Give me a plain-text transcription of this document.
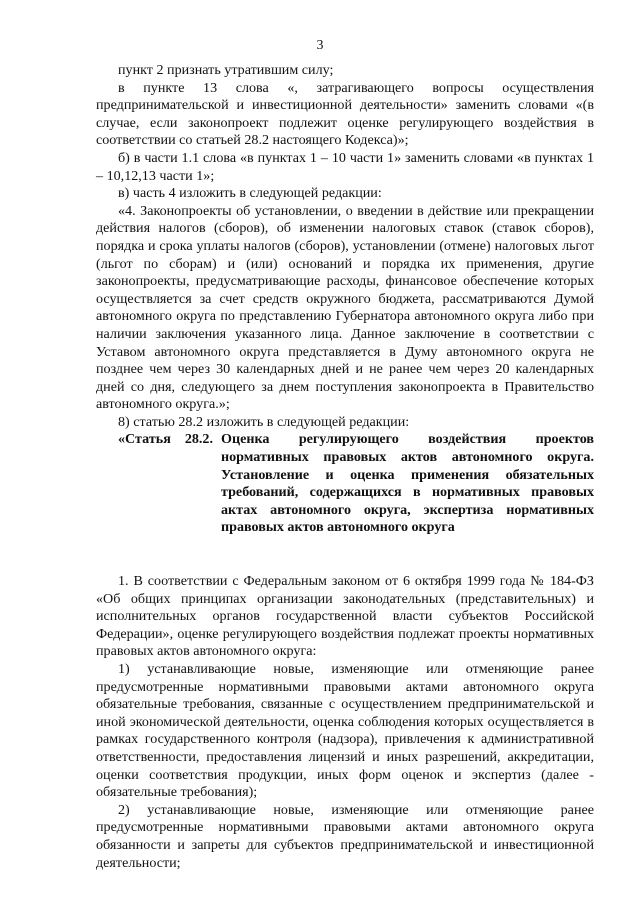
3

пункт 2 признать утратившим силу;

в пункте 13 слова «, затрагивающего вопросы осуществления предпринимательской и инвестиционной деятельности» заменить словами «(в случае, если законопроект подлежит оценке регулирующего воздействия в соответствии со статьей 28.2 настоящего Кодекса)»;

б) в части 1.1 слова «в пунктах 1 – 10 части 1» заменить словами «в пунктах 1 – 10,12,13 части 1»;

в) часть 4 изложить в следующей редакции:

«4. Законопроекты об установлении, о введении в действие или прекращении действия налогов (сборов), об изменении налоговых ставок (ставок сборов), порядка и срока уплаты налогов (сборов), установлении (отмене) налоговых льгот (льгот по сборам) и (или) оснований и порядка их применения, другие законопроекты, предусматривающие расходы, финансовое обеспечение которых осуществляется за счет средств окружного бюджета, рассматриваются Думой автономного округа по представлению Губернатора автономного округа либо при наличии заключения указанного лица. Данное заключение в соответствии с Уставом автономного округа представляется в Думу автономного округа не позднее чем через 30 календарных дней и не ранее чем через 20 календарных дней со дня, следующего за днем поступления законопроекта в Правительство автономного округа.»;

8) статью 28.2 изложить в следующей редакции:

«Статья 28.2. Оценка регулирующего воздействия проектов нормативных правовых актов автономного округа. Установление и оценка применения обязательных требований, содержащихся в нормативных правовых актах автономного округа, экспертиза нормативных правовых актов автономного округа

1. В соответствии с Федеральным законом от 6 октября 1999 года № 184-ФЗ «Об общих принципах организации законодательных (представительных) и исполнительных органов государственной власти субъектов Российской Федерации», оценке регулирующего воздействия подлежат проекты нормативных правовых актов автономного округа:

1) устанавливающие новые, изменяющие или отменяющие ранее предусмотренные нормативными правовыми актами автономного округа обязательные требования, связанные с осуществлением предпринимательской и иной экономической деятельности, оценка соблюдения которых осуществляется в рамках государственного контроля (надзора), привлечения к административной ответственности, предоставления лицензий и иных разрешений, аккредитации, оценки соответствия продукции, иных форм оценок и экспертиз (далее - обязательные требования);

2) устанавливающие новые, изменяющие или отменяющие ранее предусмотренные нормативными правовыми актами автономного округа обязанности и запреты для субъектов предпринимательской и инвестиционной деятельности;
